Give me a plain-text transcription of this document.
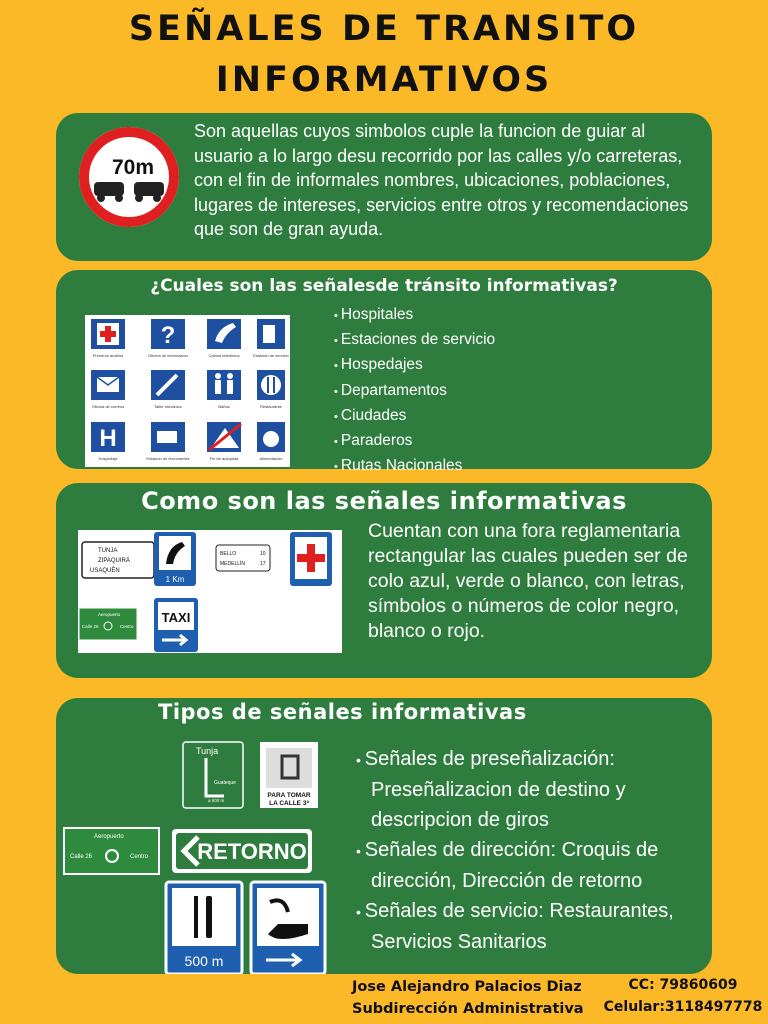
SEÑALES DE TRANSITO
INFORMATIVOS
70m
Son aquellas cuyos simbolos cuple la funcion de guiar al usuario a lo largo desu recorrido por las calles y/o carreteras, con el fin de informales nombres, ubicaciones, poblaciones, lugares de intereses, servicios entre otros y recomendaciones que son de gran ayuda.
¿Cuales son las señalesde tránsito informativas?
?
H
Primeros auxilios	Oficina de información	Cabina telefónica	Estación de servicio
Oficina de correos	Taller mecánico	Baños	Restaurante
Hospedaje	Estación de ferrocarriles	Fin de autopista	Alimentación
• Hospitales
• Estaciones de servicio
• Hospedajes
• Departamentos
• Ciudades
• Paraderos
• Rutas Nacionales
Como son las señales informativas
TUNJA
ZIPAQUIRÁ
USAQUÉN
1 Km
BELLO	10
MEDELLÍN	17
Aeropuerto
Calle 26	Centro
TAXI
Cuentan con una fora reglamentaria rectangular las cuales pueden ser de colo azul, verde o blanco, con letras, símbolos o números de color negro, blanco o rojo.
Tipos de señales informativas
Tunja
Guateque
a 500 m
PARA TOMAR
LA CALLE 3ª
Aeropuerto
Calle 26	Centro RETORNO
500 m
• Señales de preseñalización: Preseñalizacion de destino y descripcion de giros
• Señales de dirección: Croquis de dirección, Dirección de retorno
• Señales de servicio: Restaurantes, Servicios Sanitarios
Jose Alejandro Palacios Diaz
Subdirección Administrativa
CC: 79860609
Celular:3118497778
